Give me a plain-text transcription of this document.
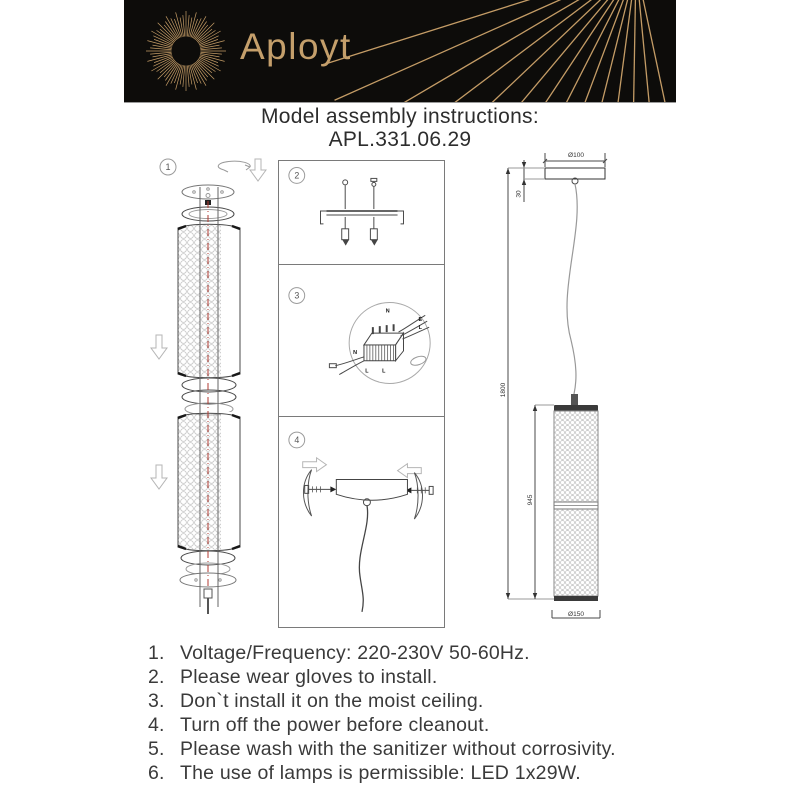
Aployt
Model assembly instructions:
APL.331.06.29
1
2
3
N
E
L
N
L L
4
Ø100
30
1800
945
Ø150
1. Voltage/Frequency: 220-230V 50-60Hz.
2. Please wear gloves to install.
3. Don`t install it on the moist ceiling.
4. Turn off the power before cleanout.
5. Please wash with the sanitizer without corrosivity.
6. The use of lamps is permissible: LED 1x29W.
